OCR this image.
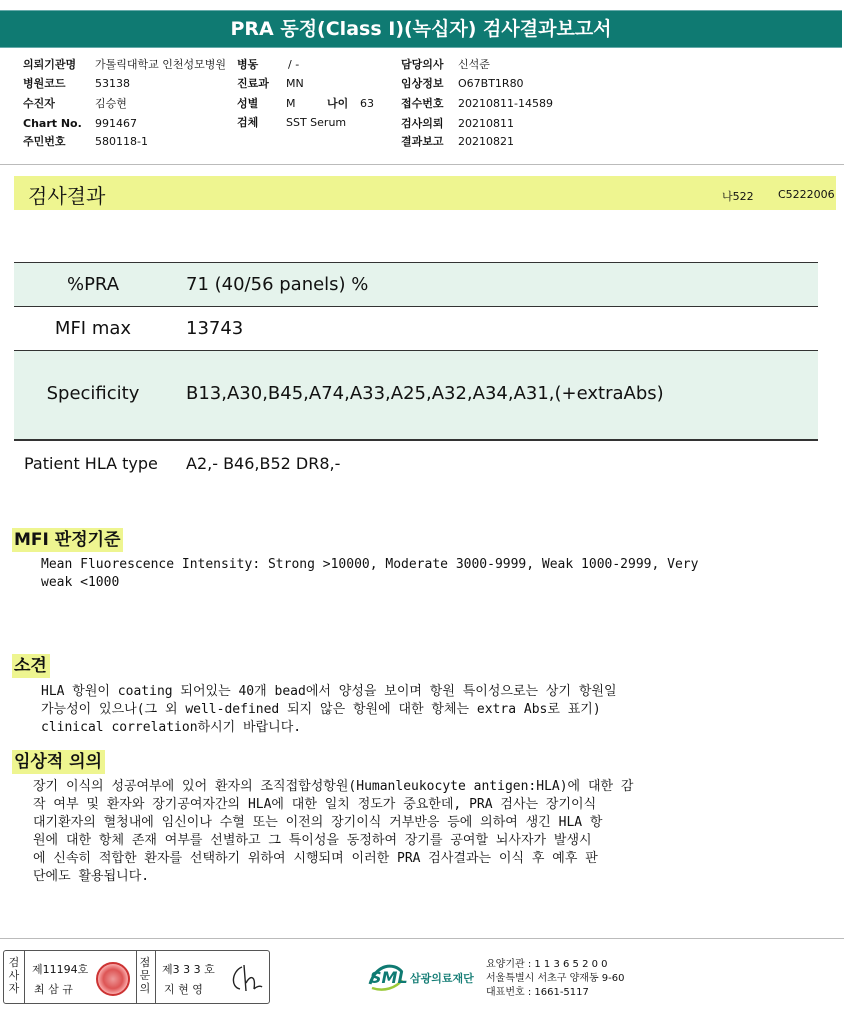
PRA 동정(Class I)(녹십자) 검사결과보고서
의뢰기관명 가톨릭대학교 인천성모병원
병원코드	53138
수진자	김승현
Chart No. 991467
주민번호	580118-1
병동	/ -
진료과 MN
성별	M	나이 63
검체	SST Serum
담당의사 신석준
임상정보 O67BT1R80
접수번호 20210811-14589
검사의뢰 20210811
결과보고 20210821
검사결과	나522 C5222006
%PRA	71 (40/56 panels) %
MFI max	13743
Specificity	B13,A30,B45,A74,A33,A25,A32,A34,A31,(+extraAbs)
Patient HLA type A2,- B46,B52 DR8,-
MFI 판정기준
Mean Fluorescence Intensity: Strong >10000, Moderate 3000-9999, Weak 1000-2999, Very
weak <1000
소견
HLA 항원이 coating 되어있는 40개 bead에서 양성을 보이며 항원 특이성으로는 상기 항원일
가능성이 있으나(그 외 well-defined 되지 않은 항원에 대한 항체는 extra Abs로 표기)
clinical correlation하시기 바랍니다.
임상적 의의
장기 이식의 성공여부에 있어 환자의 조직접합성항원(Humanleukocyte antigen:HLA)에 대한 감
작 여부 및 환자와 장기공여자간의 HLA에 대한 일치 정도가 중요한데, PRA 검사는 장기이식
대기환자의 혈청내에 임신이나 수혈 또는 이전의 장기이식 거부반응 등에 의하여 생긴 HLA 항
원에 대한 항체 존재 여부를 선별하고 그 특이성을 동정하여 장기를 공여할 뇌사자가 발생시
에 신속히 적합한 환자를 선택하기 위하여 시행되며 이러한 PRA 검사결과는 이식 후 예후 판
단에도 활용됩니다.
검
사
자
제11194호
최 삼 규
점
문
의
제3 3 3 호
지 현 영
SML 삼광의료재단
요양기관 : 1 1 3 6 5 2 0 0
서울특별시 서초구 양재동 9-60
대표번호 : 1661-5117
